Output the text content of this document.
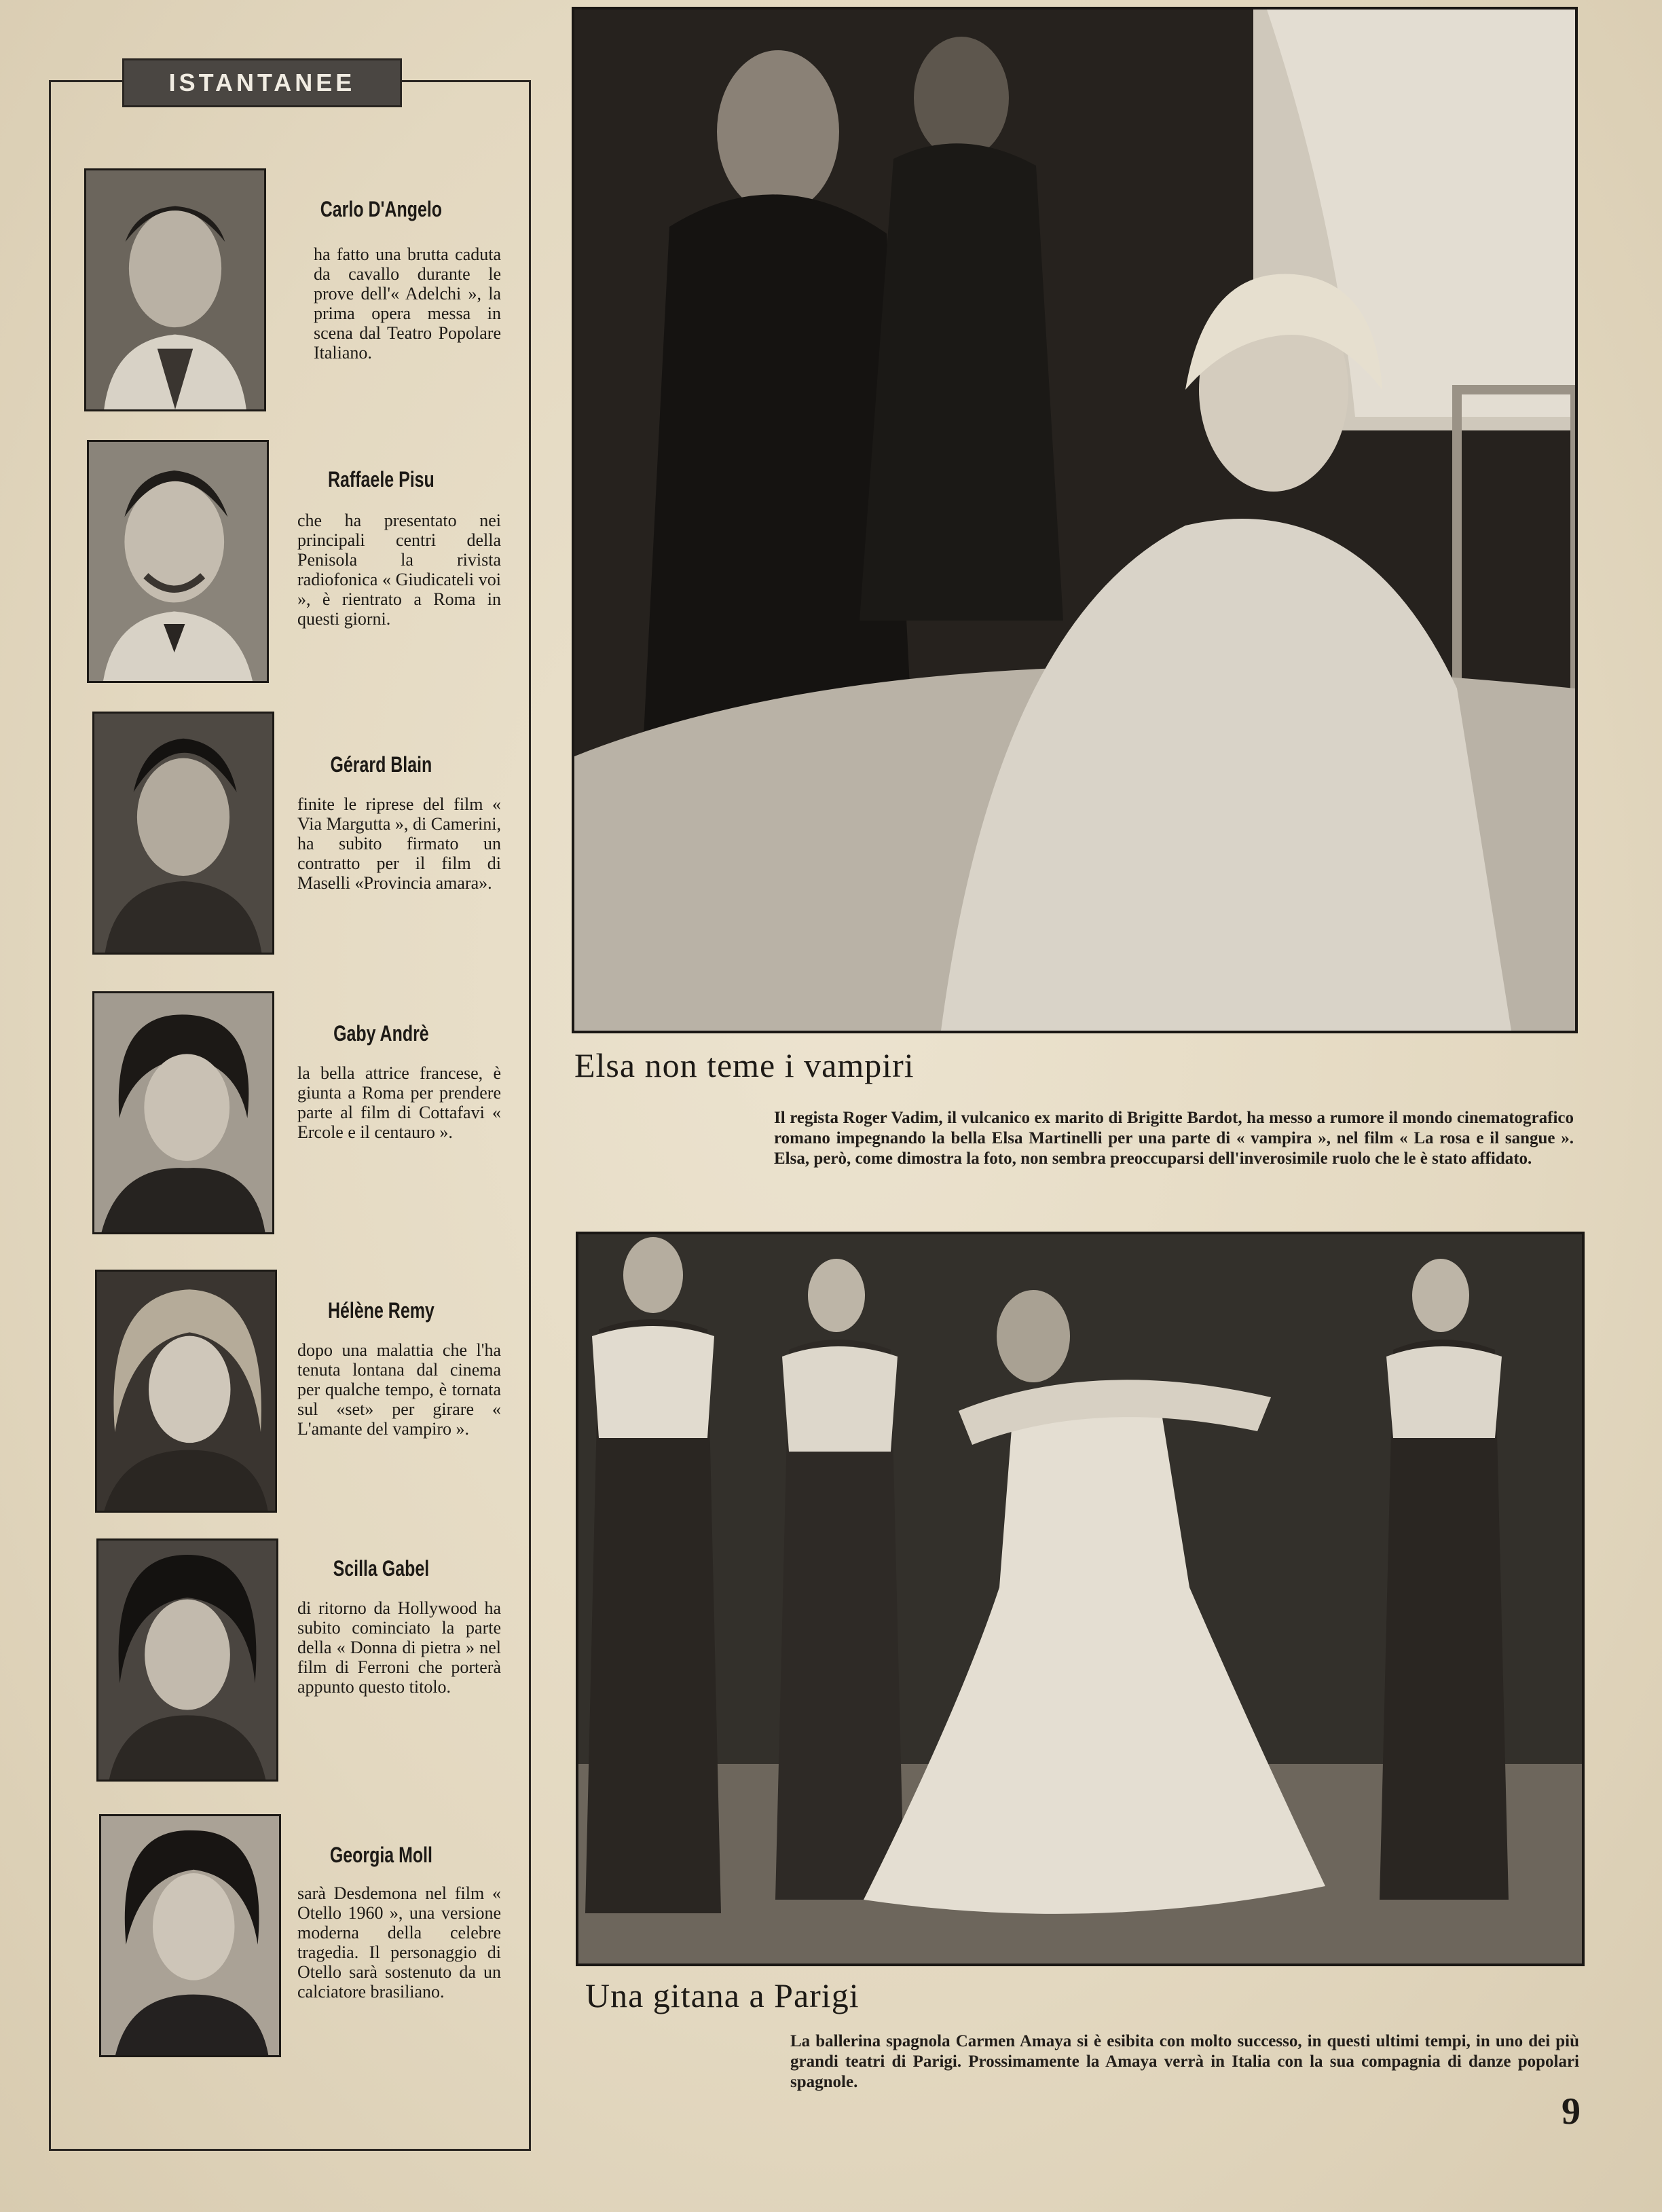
ISTANTANEE
Carlo D'Angelo
ha fatto una brutta caduta da cavallo durante le prove dell'« Adelchi », la prima opera messa in scena dal Teatro Popolare Italiano.
Raffaele Pisu
che ha presentato nei principali centri della Penisola la rivista radiofonica « Giudicateli voi », è rientrato a Roma in questi giorni.
Gérard Blain
finite le riprese del film « Via Margutta », di Camerini, ha subito firmato un contratto per il film di Maselli «Provincia amara».
Gaby Andrè
la bella attrice francese, è giunta a Roma per prendere parte al film di Cottafavi « Ercole e il centauro ».
Hélène Remy
dopo una malattia che l'ha tenuta lontana dal cinema per qualche tempo, è tornata sul «set» per girare « L'amante del vampiro ».
Scilla Gabel
di ritorno da Hollywood ha subito cominciato la parte della « Donna di pietra » nel film di Ferroni che porterà appunto questo titolo.
Georgia Moll
sarà Desdemona nel film « Otello 1960 », una versione moderna della celebre tragedia. Il personaggio di Otello sarà sostenuto da un calciatore brasiliano.
Elsa non teme i vampiri
Il regista Roger Vadim, il vulcanico ex marito di Brigitte Bardot, ha messo a rumore il mondo cinematografico romano impegnando la bella Elsa Martinelli per una parte di « vampira », nel film « La rosa e il sangue ». Elsa, però, come dimostra la foto, non sembra preoccuparsi dell'inverosimile ruolo che le è stato affidato.
Una gitana a Parigi
La ballerina spagnola Carmen Amaya si è esibita con molto successo, in questi ultimi tempi, in uno dei più grandi teatri di Parigi. Prossimamente la Amaya verrà in Italia con la sua compagnia di danze popolari spagnole.
9
